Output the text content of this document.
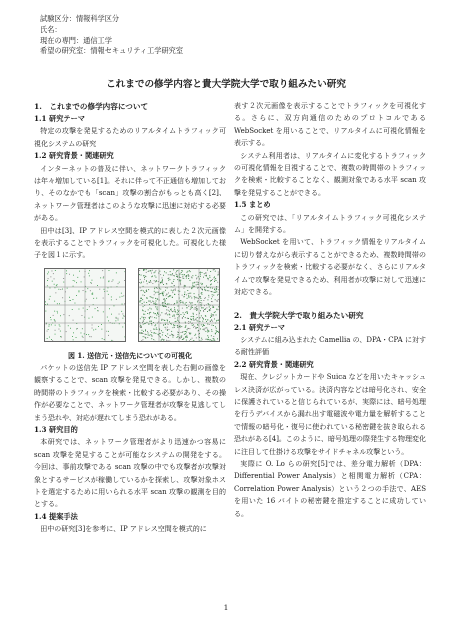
試験区分：情報科学区分
氏名：
現在の専門：通信工学
希望の研究室：情報セキュリティ工学研究室
これまでの修学内容と貴大学院大学で取り組みたい研究
1.　これまでの修学内容について
1.1 研究テーマ

特定の攻撃を発見するためのリアルタイムトラフィック可視化システムの研究

1.2 研究背景・関連研究

インターネットの普及に伴い、ネットワークトラフィックは年々増加している[1]。それに伴って不正通信も増加しており、そのなかでも「scan」攻撃の割合がもっとも高く[2]、ネットワーク管理者はこのような攻撃に迅速に対応する必要がある。

田中は[3]、IP アドレス空間を模式的に表した２次元画像を表示することでトラフィックを可視化した。可視化した様子を図１に示す。

図 1. 送信元・送信先についての可視化

パケットの送信先 IP アドレス空間を表した右側の画像を観察することで、scan 攻撃を発見できる。しかし、複数の時間帯のトラフィックを検索・比較する必要があり、その操作が必要なことで、ネットワーク管理者が攻撃を見逃してしまう恐れや、対応が遅れてしまう恐れがある。

1.3 研究目的

本研究では、ネットワーク管理者がより迅速かつ容易に scan 攻撃を発見することが可能なシステムの開発をする。今回は、事前攻撃である scan 攻撃の中でも攻撃者が攻撃対象とするサービスが稼働しているかを探索し、攻撃対象ホストを選定するために用いられる水平 scan 攻撃の観測を目的とする。

1.4 提案手法

田中の研究[3]を参考に、IP アドレス空間を模式的に

表す２次元画像を表示することでトラフィックを可視化する。さらに、双方向通信のためのプロトコルである WebSocket を用いることで、リアルタイムに可視化情報を表示する。

システム利用者は、リアルタイムに変化するトラフィックの可視化情報を目視することで、複数の時間帯のトラフィックを検索・比較することなく、観測対象である水平 scan 攻撃を発見することができる。

1.5 まとめ

この研究では、「リアルタイムトラフィック可視化システム」を開発する。

WebSocket を用いて、トラフィック情報をリアルタイムに切り替えながら表示することができるため、複数時間帯のトラフィックを検索・比較する必要がなく、さらにリアルタイムで攻撃を発見できるため、利用者が攻撃に対して迅速に対応できる。

2.　貴大学院大学で取り組みたい研究
2.1 研究テーマ

システムに組み込まれた Camellia の、DPA・CPA に対する耐性評価

2.2 研究背景・関連研究

現在、クレジットカードや Suica などを用いたキャッシュレス決済が広がっている。決済内容などは暗号化され、安全に保護されていると信じられているが、実際には、暗号処理を行うデバイスから漏れ出す電磁波や電力量を解析することで情報の暗号化・復号に使われている秘密鍵を抜き取られる恐れがある[4]。このように、暗号処理の際発生する物理変化に注目して仕掛ける攻撃をサイドチャネル攻撃という。

実際に O. Lo らの研究[5]では、差分電力解析（DPA：Differential Power Analysis）と相関電力解析（CPA：Correlation Power Analysis）という２つの手法で、AES を用いた 16 バイトの秘密鍵を推定することに成功している。

1
